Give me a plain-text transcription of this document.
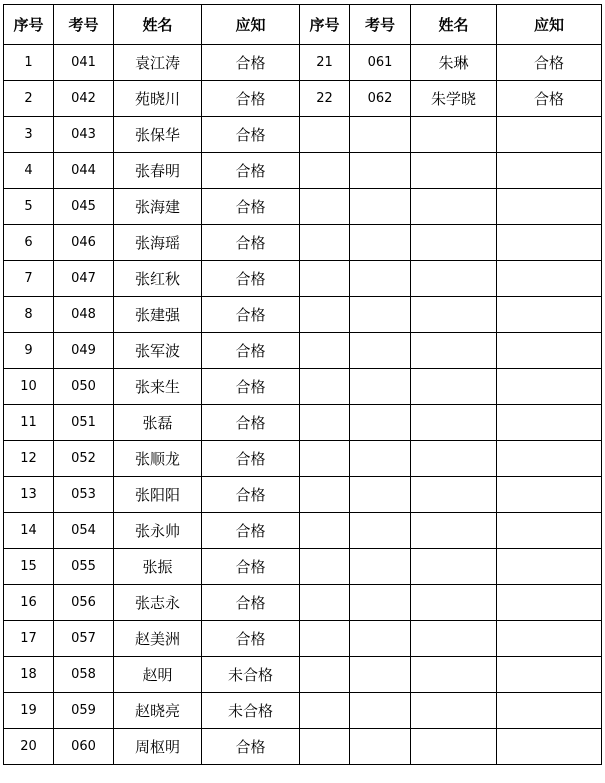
序号	考号	姓名	应知	序号	考号	姓名	应知
1	041	袁江涛	合格	21	061	朱琳	合格
2	042	苑晓川	合格	22	062	朱学晓	合格
3	043	张保华	合格				
4	044	张春明	合格				
5	045	张海建	合格				
6	046	张海瑶	合格				
7	047	张红秋	合格				
8	048	张建强	合格				
9	049	张军波	合格				
10	050	张来生	合格				
11	051	张磊	合格				
12	052	张顺龙	合格				
13	053	张阳阳	合格				
14	054	张永帅	合格				
15	055	张振	合格				
16	056	张志永	合格				
17	057	赵美洲	合格				
18	058	赵明	未合格				
19	059	赵晓亮	未合格				
20	060	周枢明	合格				
